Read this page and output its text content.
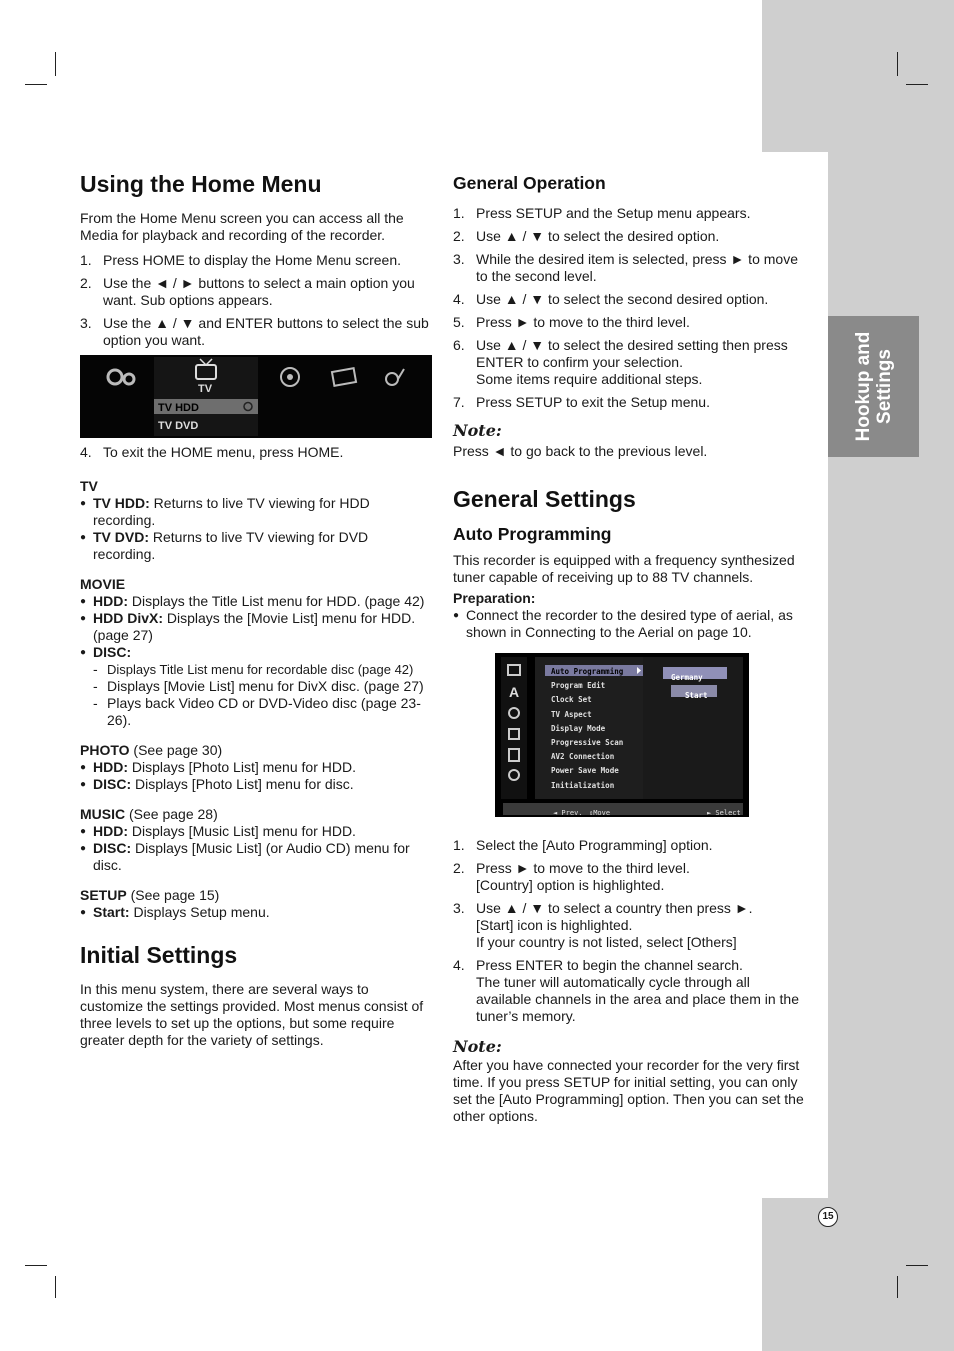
Hookup and Settings
15
Using the Home Menu

From the Home Menu screen you can access all the Media for playback and recording of the recorder.

1. Press HOME to display the Home Menu screen.
2. Use the ◄ / ► buttons to select a main option you want. Sub options appears.
3. Use the ▲ / ▼ and ENTER buttons to select the sub option you want.
TV
TV HDD
TV DVD
4. To exit the HOME menu, press HOME.
TV
● TV HDD: Returns to live TV viewing for HDD recording.
● TV DVD: Returns to live TV viewing for DVD recording.
MOVIE
● HDD: Displays the Title List menu for HDD. (page 42)
● HDD DivX: Displays the [Movie List] menu for HDD. (page 27)
● DISC:
- Displays Title List menu for recordable disc (page 42)
- Displays [Movie List] menu for DivX disc. (page 27)
- Plays back Video CD or DVD-Video disc (page 23-26).
PHOTO (See page 30)
● HDD: Displays [Photo List] menu for HDD.
● DISC: Displays [Photo List] menu for disc.
MUSIC (See page 28)
● HDD: Displays [Music List] menu for HDD.
● DISC: Displays [Music List] (or Audio CD) menu for disc.
SETUP (See page 15)
● Start: Displays Setup menu.
Initial Settings

In this menu system, there are several ways to customize the settings provided. Most menus consist of three levels to set up the options, but some require greater depth for the variety of settings.

General Operation
1. Press SETUP and the Setup menu appears.
2. Use ▲ / ▼ to select the desired option.
3. While the desired item is selected, press ► to move to the second level.
4. Use ▲ / ▼ to select the second desired option.
5. Press ► to move to the third level.
6. Use ▲ / ▼ to select the desired setting then press ENTER to confirm your selection.
Some items require additional steps.
7. Press SETUP to exit the Setup menu.
Note:

Press ◄ to go back to the previous level.

General Settings
Auto Programming

This recorder is equipped with a frequency synthesized tuner capable of receiving up to 88 TV channels.

Preparation:
● Connect the recorder to the desired type of aerial, as shown in Connecting to the Aerial on page 10.
A
Auto Programming
Program Edit
Clock Set
TV Aspect
Display Mode
Progressive Scan
AV2 Connection
Power Save Mode
Initialization
Germany
Start
◄ Prev. ⇕Move	► Select
1. Select the [Auto Programming] option.
2. Press ► to move to the third level.
[Country] option is highlighted.
3. Use ▲ / ▼ to select a country then press ►.
[Start] icon is highlighted.
If your country is not listed, select [Others]
4. Press ENTER to begin the channel search.
The tuner will automatically cycle through all available channels in the area and place them in the tuner’s memory.
Note:

After you have connected your recorder for the very first time. If you press SETUP for initial setting, you can only set the [Auto Programming] option. Then you can set the other options.
